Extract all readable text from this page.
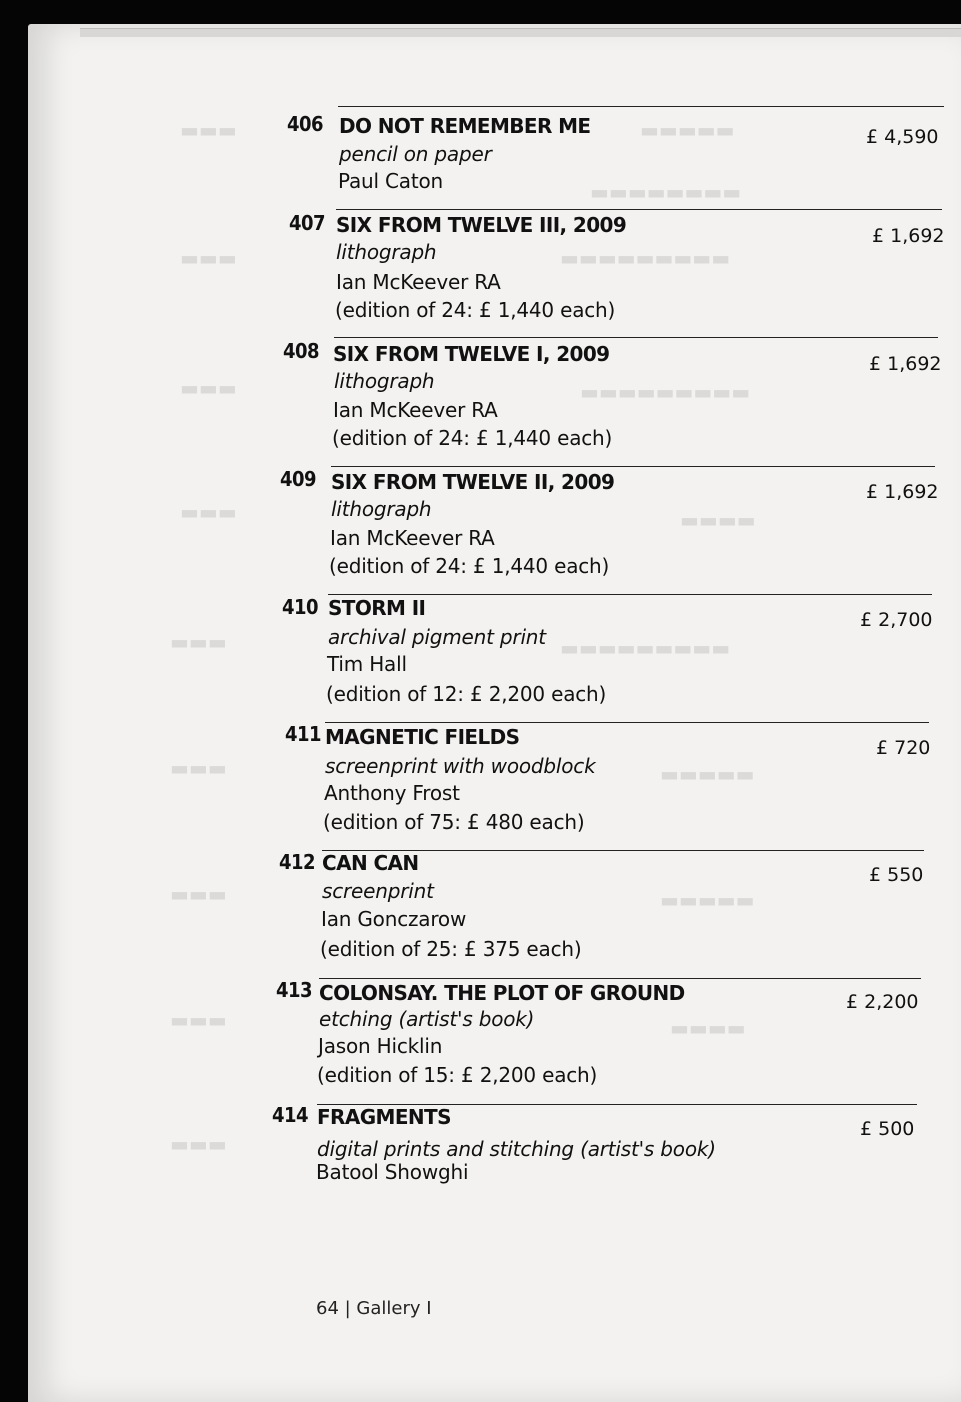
▬▬▬▬▬
▬▬▬▬▬▬▬▬
▬▬▬▬▬▬▬▬▬
▬▬▬▬▬▬▬▬▬
▬▬▬▬
▬▬▬▬▬▬▬▬▬
▬▬▬▬▬
▬▬▬▬▬
▬▬▬▬
▬▬▬
▬▬▬
▬▬▬
▬▬▬
▬▬▬
▬▬▬
▬▬▬
▬▬▬
▬▬▬
406 DO NOT REMEMBER ME
pencil on paper
Paul Caton
£ 4,590
407 SIX FROM TWELVE III, 2009
lithograph
Ian McKeever RA
(edition of 24: £ 1,440 each)
£ 1,692
408 SIX FROM TWELVE I, 2009
lithograph
Ian McKeever RA
(edition of 24: £ 1,440 each)
£ 1,692
409 SIX FROM TWELVE II, 2009
lithograph
Ian McKeever RA
(edition of 24: £ 1,440 each)
£ 1,692
410 STORM II
archival pigment print
Tim Hall
(edition of 12: £ 2,200 each)
£ 2,700
411 MAGNETIC FIELDS
screenprint with woodblock
Anthony Frost
(edition of 75: £ 480 each)
£ 720
412 CAN CAN
screenprint
Ian Gonczarow
(edition of 25: £ 375 each)
£ 550
413 COLONSAY. THE PLOT OF GROUND
etching (artist's book)
Jason Hicklin
(edition of 15: £ 2,200 each)
£ 2,200
414 FRAGMENTS
digital prints and stitching (artist's book)
Batool Showghi
£ 500
64 | Gallery I
